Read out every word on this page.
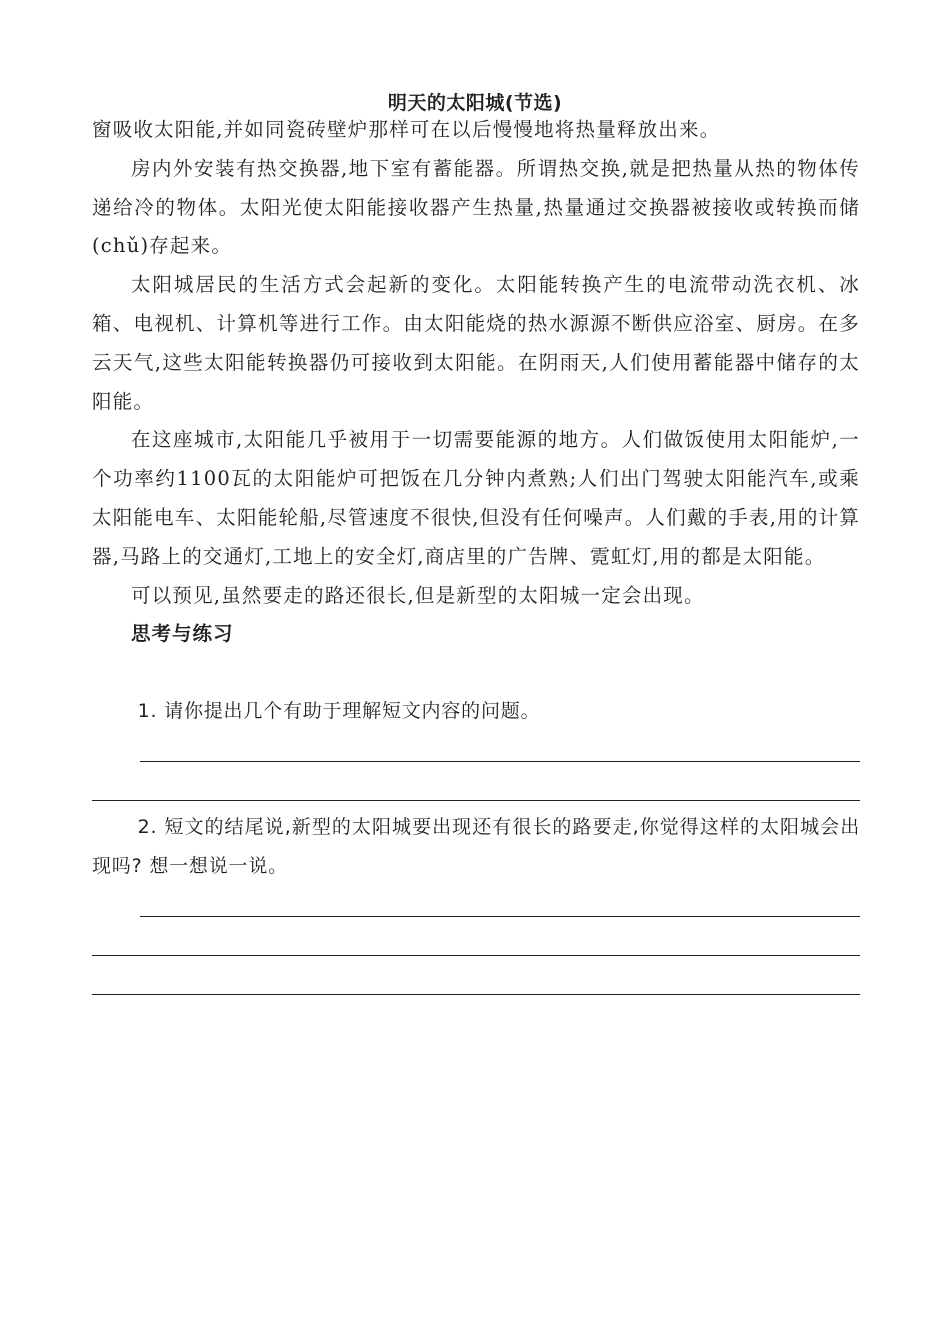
明天的太阳城(节选)

窗吸收太阳能,并如同瓷砖壁炉那样可在以后慢慢地将热量释放出来。

房内外安装有热交换器,地下室有蓄能器。所谓热交换,就是把热量从热的物体传递给冷的物体。太阳光使太阳能接收器产生热量,热量通过交换器被接收或转换而储(chǔ)存起来。

太阳城居民的生活方式会起新的变化。太阳能转换产生的电流带动洗衣机、冰箱、电视机、计算机等进行工作。由太阳能烧的热水源源不断供应浴室、厨房。在多云天气,这些太阳能转换器仍可接收到太阳能。在阴雨天,人们使用蓄能器中储存的太阳能。

在这座城市,太阳能几乎被用于一切需要能源的地方。人们做饭使用太阳能炉,一个功率约1100瓦的太阳能炉可把饭在几分钟内煮熟;人们出门驾驶太阳能汽车,或乘太阳能电车、太阳能轮船,尽管速度不很快,但没有任何噪声。人们戴的手表,用的计算器,马路上的交通灯,工地上的安全灯,商店里的广告牌、霓虹灯,用的都是太阳能。

可以预见,虽然要走的路还很长,但是新型的太阳城一定会出现。

思考与练习

1. 请你提出几个有助于理解短文内容的问题。
2. 短文的结尾说,新型的太阳城要出现还有很长的路要走,你觉得这样的太阳城会出现吗? 想一想说一说。
